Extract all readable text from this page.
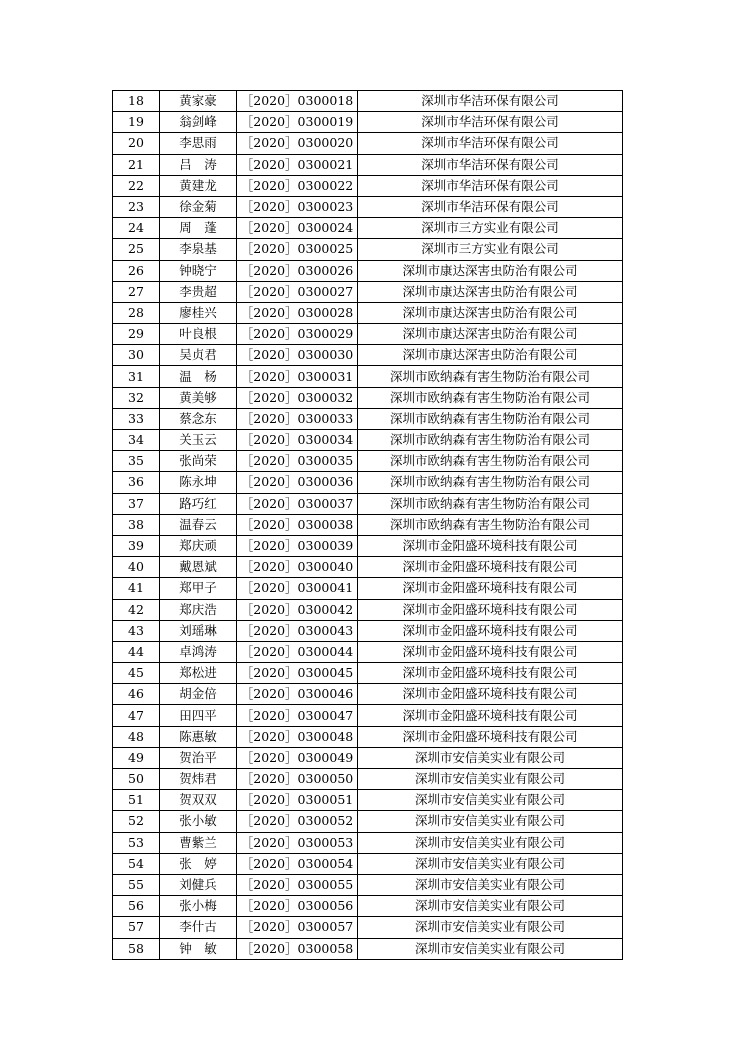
18	黄家豪	［2020］0300018	深圳市华洁环保有限公司
19	翁剑峰	［2020］0300019	深圳市华洁环保有限公司
20	李思雨	［2020］0300020	深圳市华洁环保有限公司
21	吕　涛	［2020］0300021	深圳市华洁环保有限公司
22	黄建龙	［2020］0300022	深圳市华洁环保有限公司
23	徐金菊	［2020］0300023	深圳市华洁环保有限公司
24	周　蓬	［2020］0300024	深圳市三方实业有限公司
25	李泉基	［2020］0300025	深圳市三方实业有限公司
26	钟晓宁	［2020］0300026	深圳市康达深害虫防治有限公司
27	李贵超	［2020］0300027	深圳市康达深害虫防治有限公司
28	廖桂兴	［2020］0300028	深圳市康达深害虫防治有限公司
29	叶良根	［2020］0300029	深圳市康达深害虫防治有限公司
30	吴贞君	［2020］0300030	深圳市康达深害虫防治有限公司
31	温　杨	［2020］0300031	深圳市欧纳森有害生物防治有限公司
32	黄美够	［2020］0300032	深圳市欧纳森有害生物防治有限公司
33	蔡念东	［2020］0300033	深圳市欧纳森有害生物防治有限公司
34	关玉云	［2020］0300034	深圳市欧纳森有害生物防治有限公司
35	张尚荣	［2020］0300035	深圳市欧纳森有害生物防治有限公司
36	陈永坤	［2020］0300036	深圳市欧纳森有害生物防治有限公司
37	路巧红	［2020］0300037	深圳市欧纳森有害生物防治有限公司
38	温春云	［2020］0300038	深圳市欧纳森有害生物防治有限公司
39	郑庆顽	［2020］0300039	深圳市金阳盛环境科技有限公司
40	戴恩斌	［2020］0300040	深圳市金阳盛环境科技有限公司
41	郑甲子	［2020］0300041	深圳市金阳盛环境科技有限公司
42	郑庆浩	［2020］0300042	深圳市金阳盛环境科技有限公司
43	刘瑶琳	［2020］0300043	深圳市金阳盛环境科技有限公司
44	卓鸿涛	［2020］0300044	深圳市金阳盛环境科技有限公司
45	郑松进	［2020］0300045	深圳市金阳盛环境科技有限公司
46	胡金倍	［2020］0300046	深圳市金阳盛环境科技有限公司
47	田四平	［2020］0300047	深圳市金阳盛环境科技有限公司
48	陈惠敏	［2020］0300048	深圳市金阳盛环境科技有限公司
49	贺治平	［2020］0300049	深圳市安信美实业有限公司
50	贺炜君	［2020］0300050	深圳市安信美实业有限公司
51	贺双双	［2020］0300051	深圳市安信美实业有限公司
52	张小敏	［2020］0300052	深圳市安信美实业有限公司
53	曹紫兰	［2020］0300053	深圳市安信美实业有限公司
54	张　婷	［2020］0300054	深圳市安信美实业有限公司
55	刘健兵	［2020］0300055	深圳市安信美实业有限公司
56	张小梅	［2020］0300056	深圳市安信美实业有限公司
57	李什古	［2020］0300057	深圳市安信美实业有限公司
58	钟　敏	［2020］0300058	深圳市安信美实业有限公司
